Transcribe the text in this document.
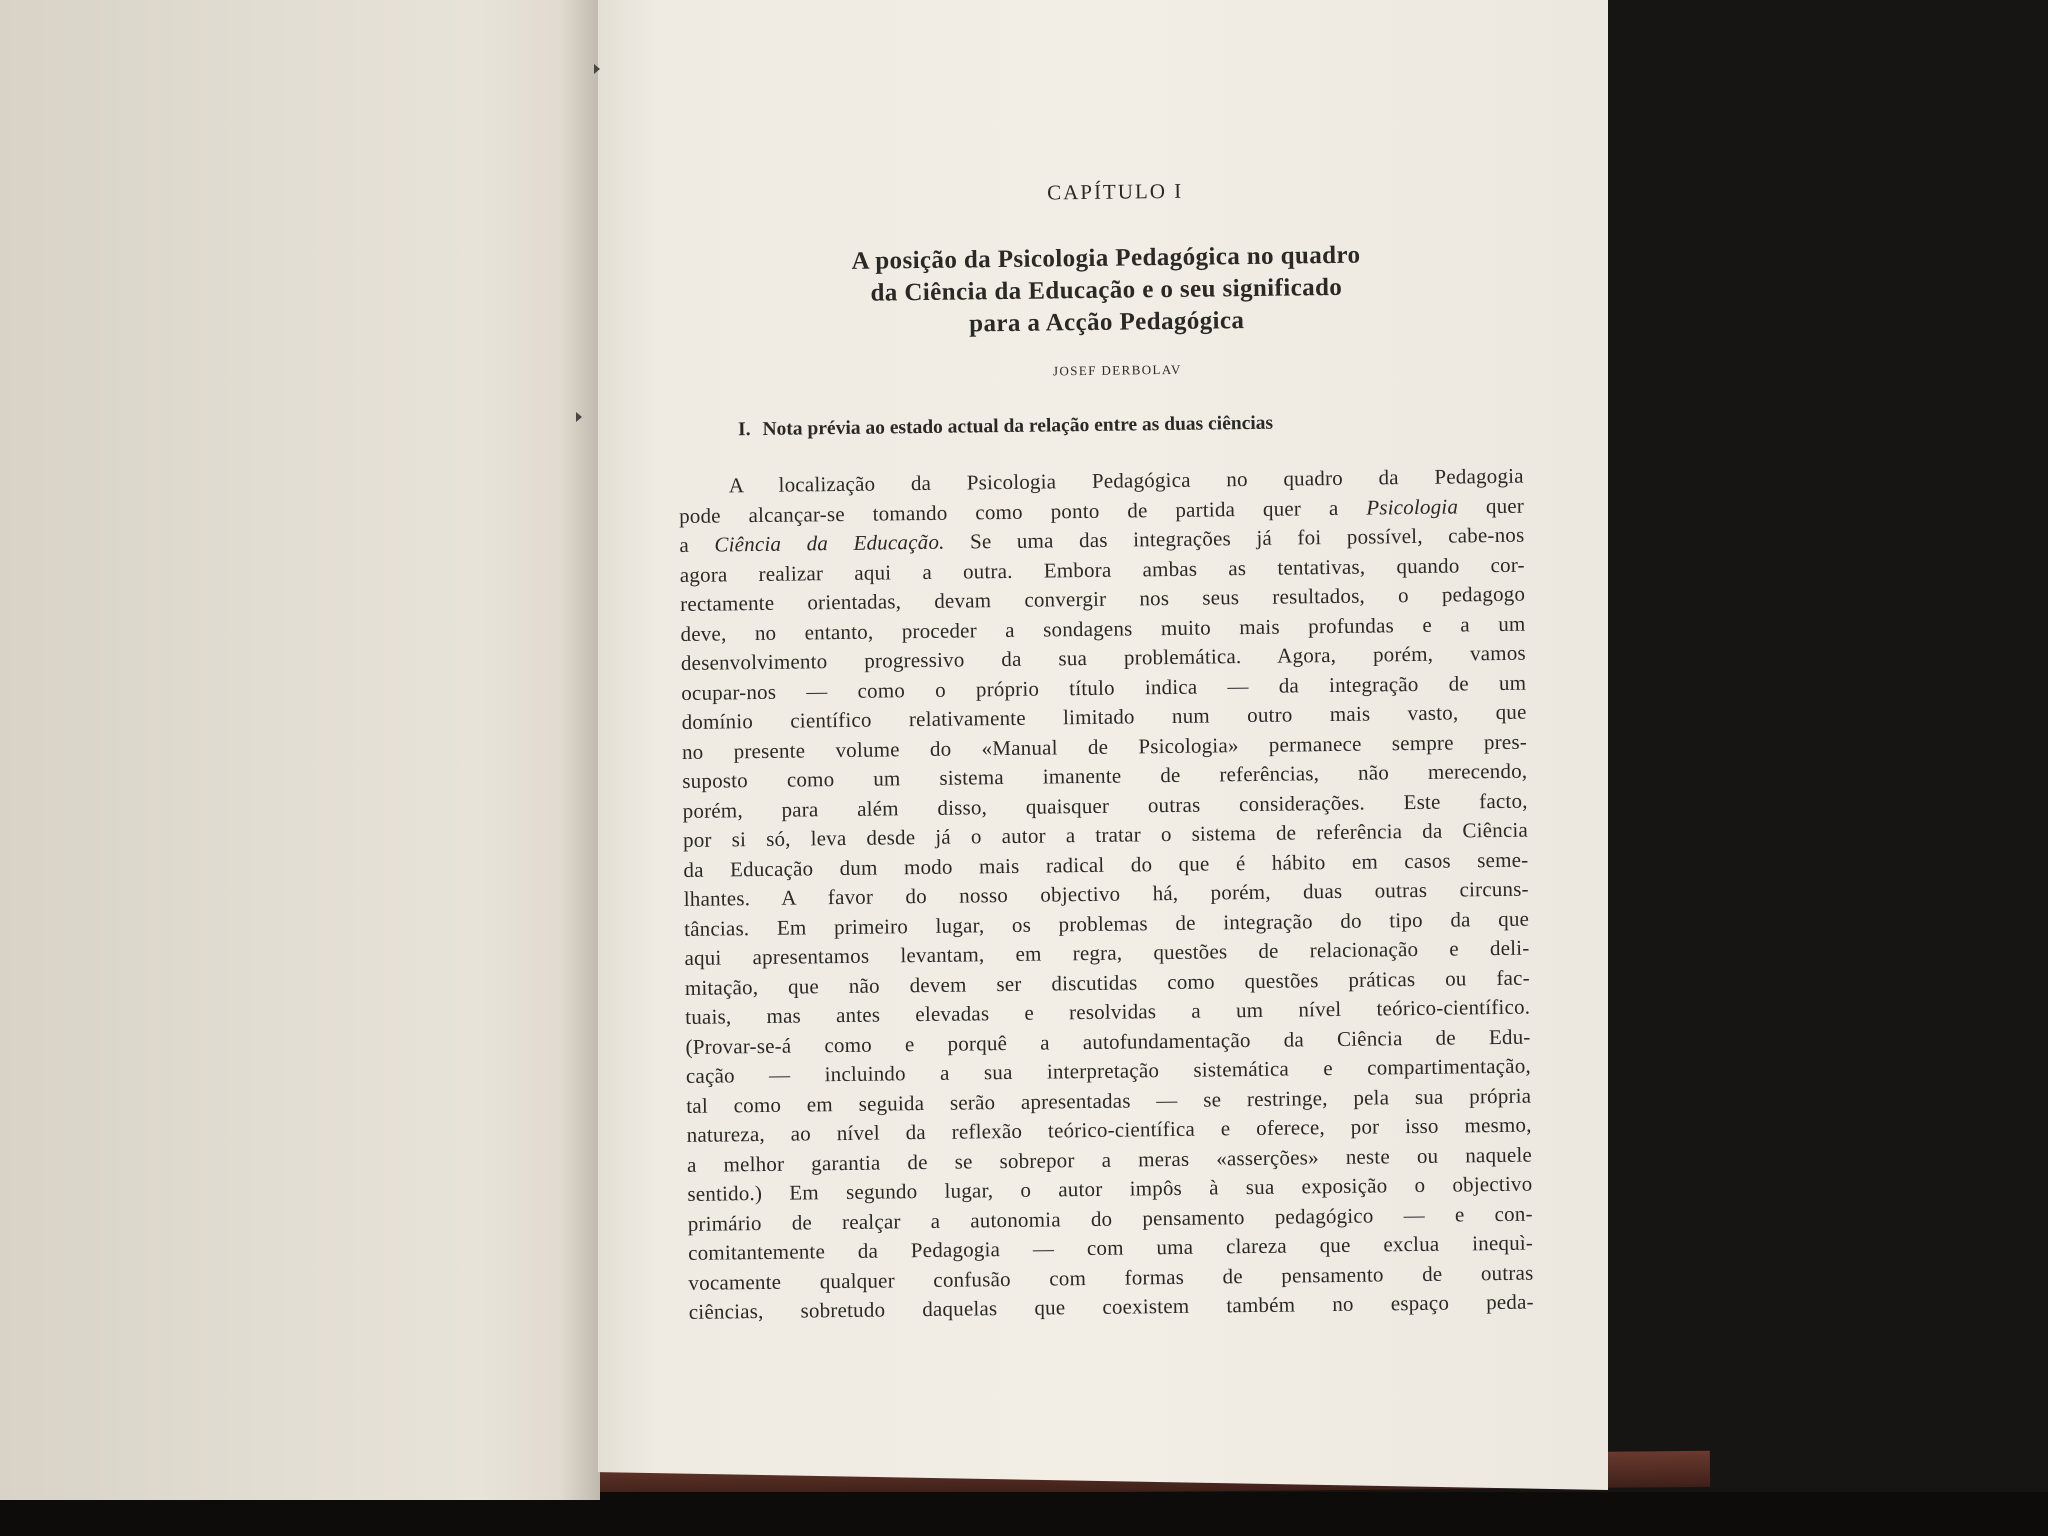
CAPÍTULO I
A posição da Psicologia Pedagógica no quadro
da Ciência da Educação e o seu significado
para a Acção Pedagógica
JOSEF DERBOLAV
I. Nota prévia ao estado actual da relação entre as duas ciências
A localização da Psicologia Pedagógica no quadro da Pedagogia
pode alcançar-se tomando como ponto de partida quer a Psicologia quer
a Ciência da Educação. Se uma das integrações já foi possível, cabe-nos
agora realizar aqui a outra. Embora ambas as tentativas, quando cor-
rectamente orientadas, devam convergir nos seus resultados, o pedagogo
deve, no entanto, proceder a sondagens muito mais profundas e a um
desenvolvimento progressivo da sua problemática. Agora, porém, vamos
ocupar-nos — como o próprio título indica — da integração de um
domínio científico relativamente limitado num outro mais vasto, que
no presente volume do «Manual de Psicologia» permanece sempre pres-
suposto como um sistema imanente de referências, não merecendo,
porém, para além disso, quaisquer outras considerações. Este facto,
por si só, leva desde já o autor a tratar o sistema de referência da Ciência
da Educação dum modo mais radical do que é hábito em casos seme-
lhantes. A favor do nosso objectivo há, porém, duas outras circuns-
tâncias. Em primeiro lugar, os problemas de integração do tipo da que
aqui apresentamos levantam, em regra, questões de relacionação e deli-
mitação, que não devem ser discutidas como questões práticas ou fac-
tuais, mas antes elevadas e resolvidas a um nível teórico-científico.
(Provar-se-á como e porquê a autofundamentação da Ciência de Edu-
cação — incluindo a sua interpretação sistemática e compartimentação,
tal como em seguida serão apresentadas — se restringe, pela sua própria
natureza, ao nível da reflexão teórico-científica e oferece, por isso mesmo,
a melhor garantia de se sobrepor a meras «asserções» neste ou naquele
sentido.) Em segundo lugar, o autor impôs à sua exposição o objectivo
primário de realçar a autonomia do pensamento pedagógico — e con-
comitantemente da Pedagogia — com uma clareza que exclua inequì-
vocamente qualquer confusão com formas de pensamento de outras
ciências, sobretudo daquelas que coexistem também no espaço peda-
